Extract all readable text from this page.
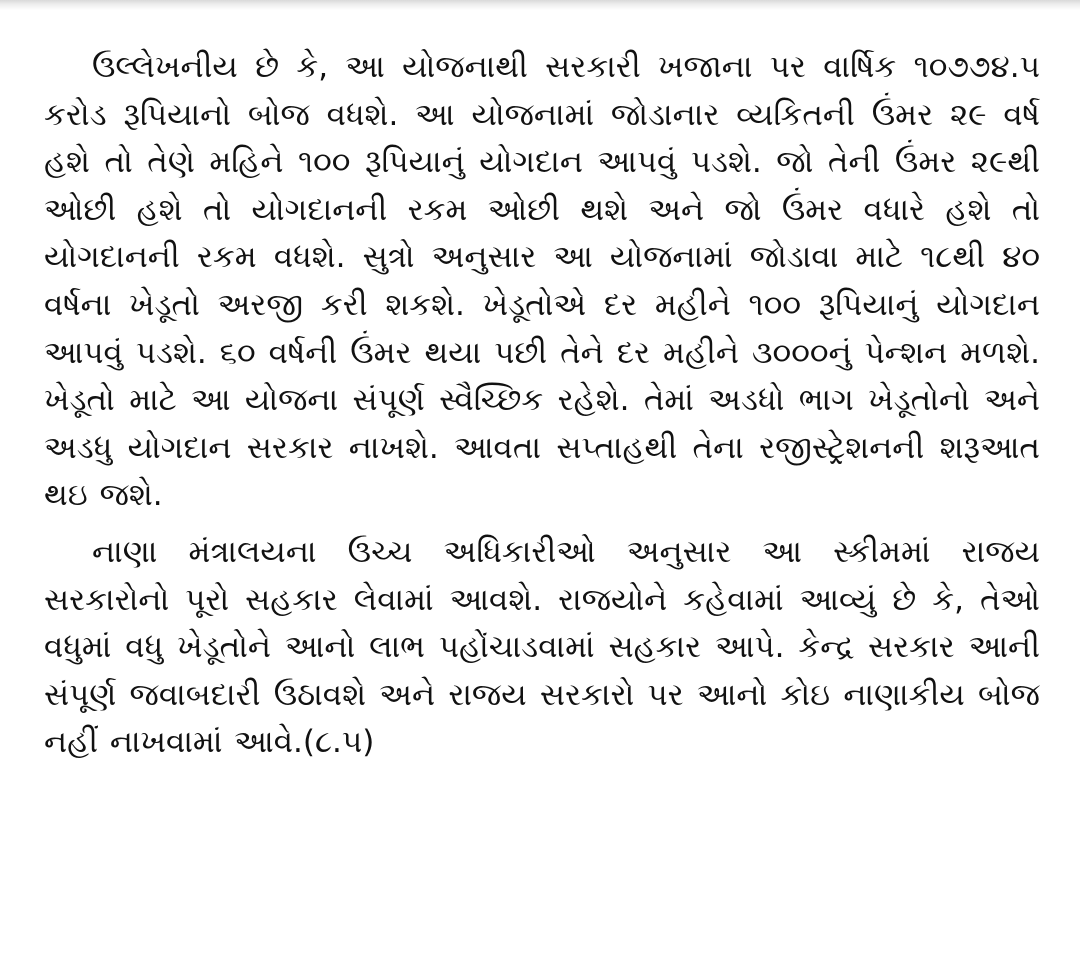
ઉલ્લેખનીય છે કે, આ યોજનાથી સરકારી ખજાના પર વાર્ષિક ૧૦૭૭૪.૫ કરોડ રૂપિયાનો બોજ વધશે. આ યોજનામાં જોડાનાર વ્યકિતની ઉંમર ૨૯ વર્ષ હશે તો તેણે મહિને ૧૦૦ રૂપિયાનું યોગદાન આપવું પડશે. જો તેની ઉંમર ૨૯થી ઓછી હશે તો યોગદાનની રકમ ઓછી થશે અને જો ઉંમર વધારે હશે તો યોગદાનની રકમ વધશે. સુત્રો અનુસાર આ યોજનામાં જોડાવા માટે ૧૮થી ૪૦ વર્ષના ખેડૂતો અરજી કરી શકશે. ખેડૂતોએ દર મહીને ૧૦૦ રૂપિયાનું યોગદાન આપવું પડશે. ૬૦ વર્ષની ઉંમર થયા પછી તેને દર મહીને ૩૦૦૦નું પેન્શન મળશે. ખેડૂતો માટે આ યોજના સંપૂર્ણ સ્વૈચ્છિક રહેશે. તેમાં અડધો ભાગ ખેડૂતોનો અને અડધુ યોગદાન સરકાર નાખશે. આવતા સપ્તાહથી તેના રજીસ્ટ્રેશનની શરૂઆત થઇ જશે.

નાણા મંત્રાલયના ઉચ્ચ અધિકારીઓ અનુસાર આ સ્કીમમાં રાજય સરકારોનો પૂરો સહકાર લેવામાં આવશે. રાજયોને કહેવામાં આવ્યું છે કે, તેઓ વધુમાં વધુ ખેડૂતોને આનો લાભ પહોંચાડવામાં સહકાર આપે. કેન્દ્ર સરકાર આની સંપૂર્ણ જવાબદારી ઉઠાવશે અને રાજય સરકારો પર આનો કોઇ નાણાકીય બોજ નહીં નાખવામાં આવે.(૮.૫)
